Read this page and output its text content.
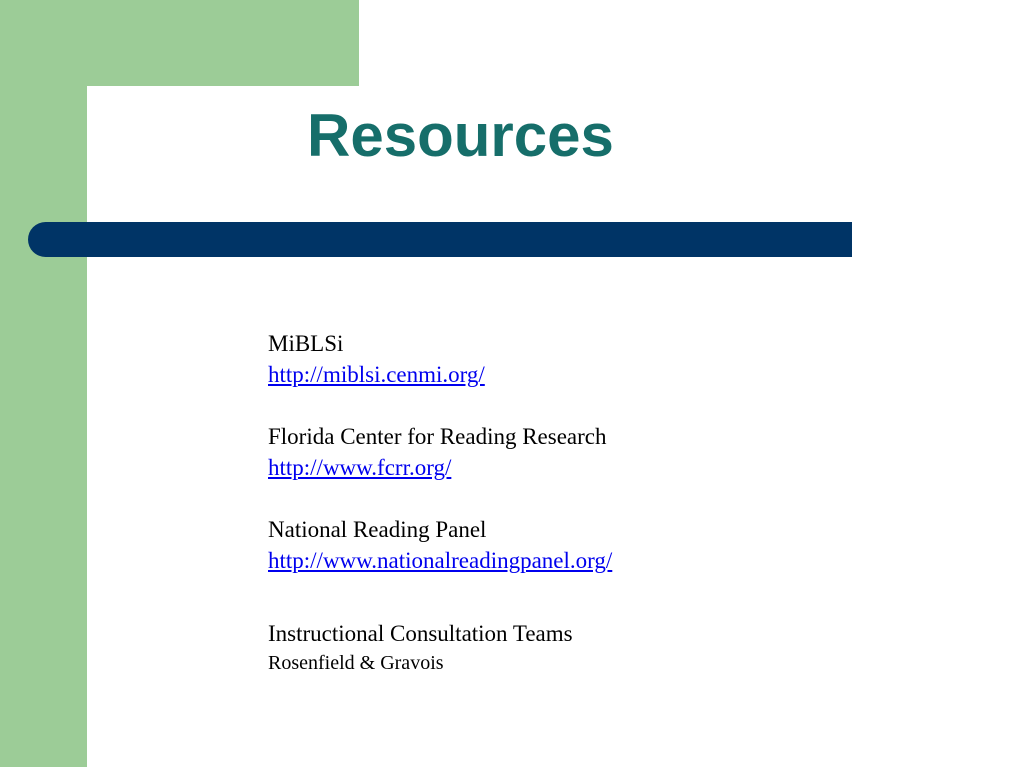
Resources
MiBLSi
http://miblsi.cenmi.org/
Florida Center for Reading Research
http://www.fcrr.org/
National Reading Panel
http://www.nationalreadingpanel.org/
Instructional Consultation Teams
Rosenfield & Gravois
